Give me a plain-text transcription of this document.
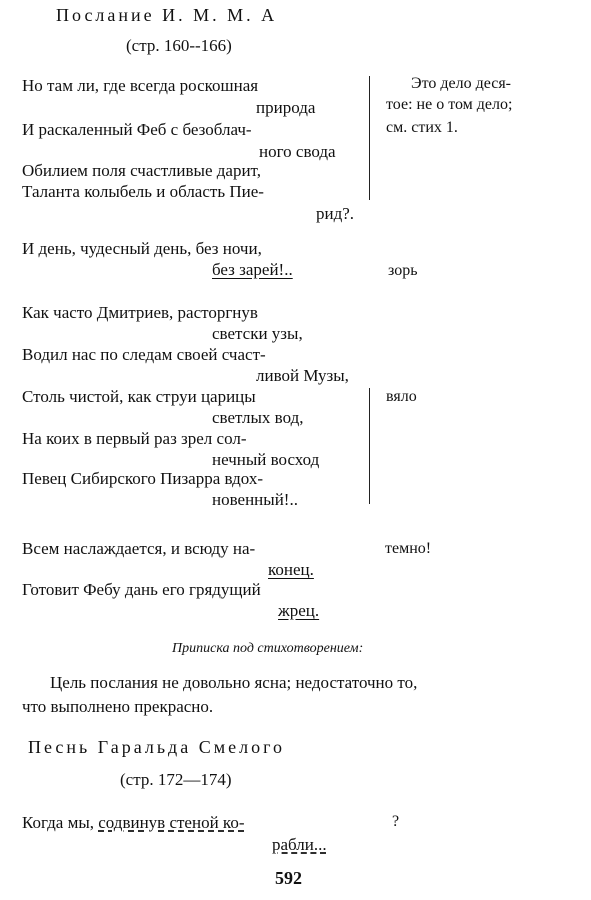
Послание И. М. М. А
(стр. 160--166)
Но там ли, где всегда роскошная
природа
И раскаленный Феб с безоблач-
ного свода
Обилием поля счастливые дарит,
Таланта колыбель и область Пие-
рид?.
Это дело деся-
тое: не о том дело;
см. стих 1.
И день, чудесный день, без ночи,
без зарей!..	зорь
Как часто Дмитриев, расторгнув
светски узы,
Водил нас по следам своей счаст-
ливой Музы,
Столь чистой, как струи царицы
светлых вод,
На коих в первый раз зрел сол-
нечный восход
Певец Сибирского Пизарра вдох-
новенный!..
вяло
Всем наслаждается, и всюду на-
конец.
Готовит Фебу дань его грядущий
жрец.
темно!
Приписка под стихотворением:
Цель послания не довольно ясна; недостаточно то,
что выполнено прекрасно.
Песнь Гаральда Смелого
(стр. 172—174)
Когда мы, содвинув стеной ко-
рабли...
?
592
